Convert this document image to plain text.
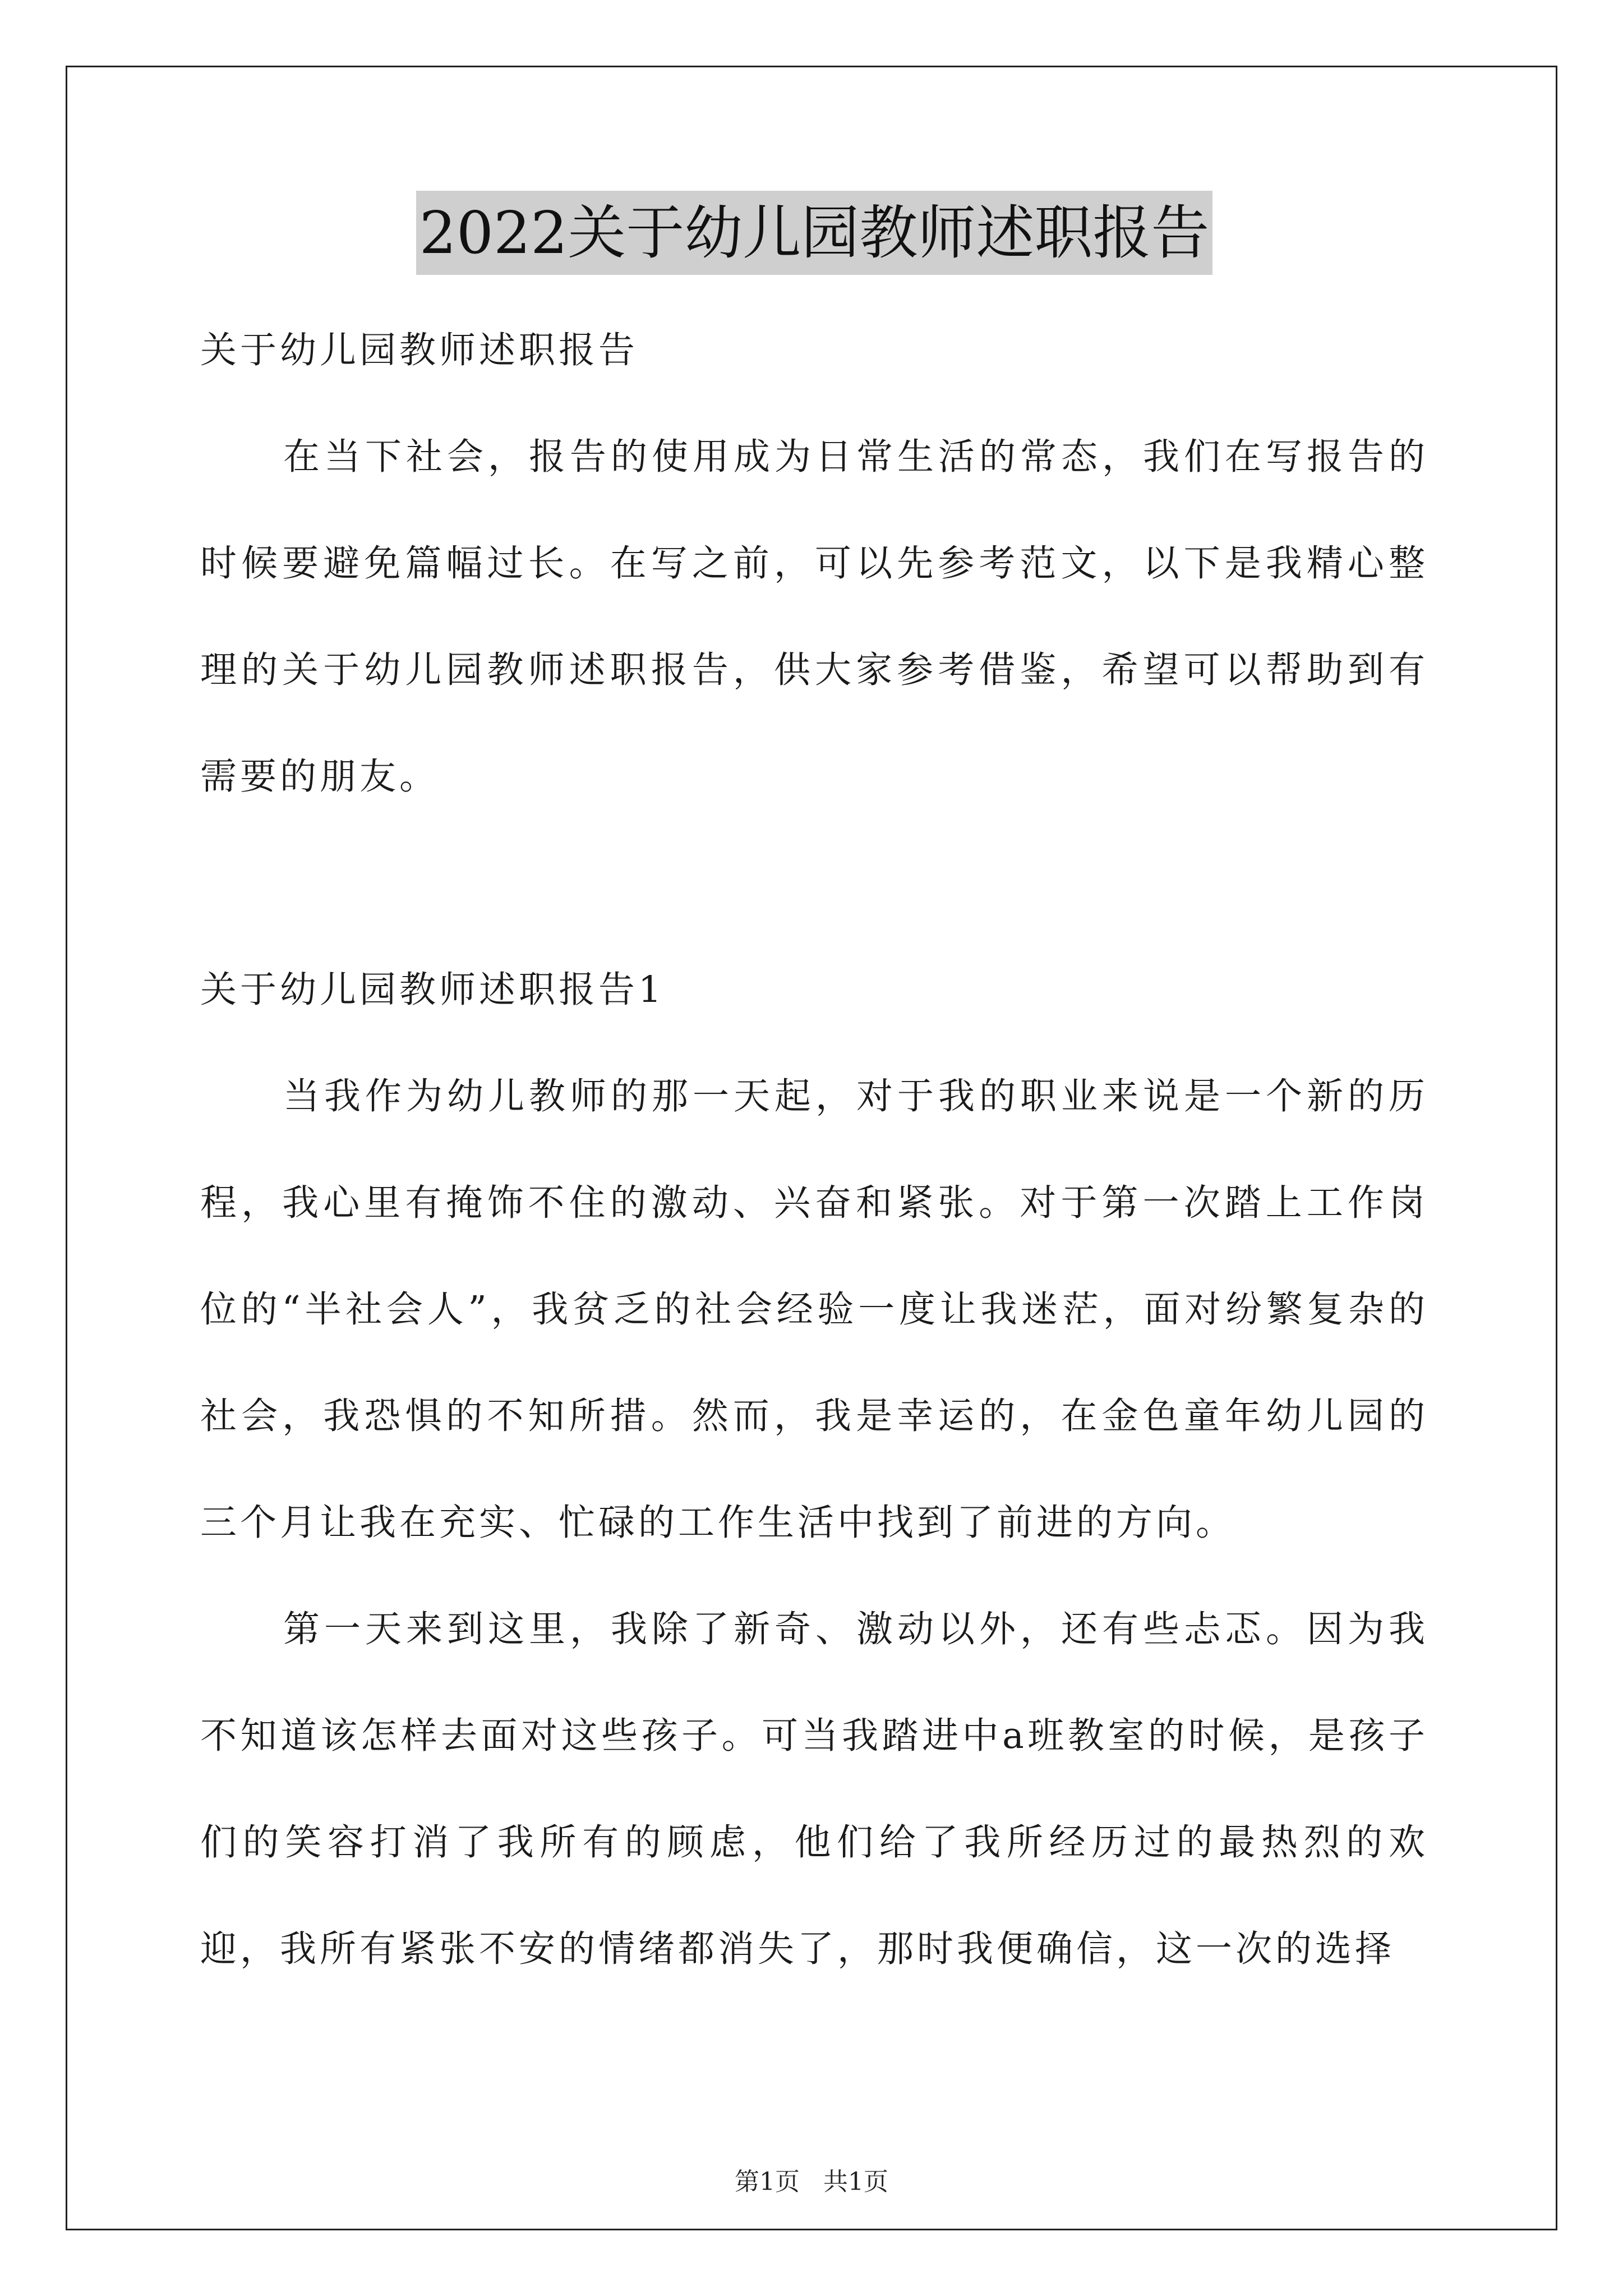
2022关于幼儿园教师述职报告

关于幼儿园教师述职报告

在当下社会，报告的使用成为日常生活的常态，我们在写报告的时候要避免篇幅过长。在写之前，可以先参考范文，以下是我精心整理的关于幼儿园教师述职报告，供大家参考借鉴，希望可以帮助到有需要的朋友。

关于幼儿园教师述职报告1

当我作为幼儿教师的那一天起，对于我的职业来说是一个新的历程，我心里有掩饰不住的激动、兴奋和紧张。对于第一次踏上工作岗位的“半社会人”，我贫乏的社会经验一度让我迷茫，面对纷繁复杂的社会，我恐惧的不知所措。然而，我是幸运的，在金色童年幼儿园的三个月让我在充实、忙碌的工作生活中找到了前进的方向。

第一天来到这里，我除了新奇、激动以外，还有些忐忑。因为我不知道该怎样去面对这些孩子。可当我踏进中a班教室的时候，是孩子们的笑容打消了我所有的顾虑，他们给了我所经历过的最热烈的欢迎，我所有紧张不安的情绪都消失了，那时我便确信，这一次的选择

第1页 共1页
